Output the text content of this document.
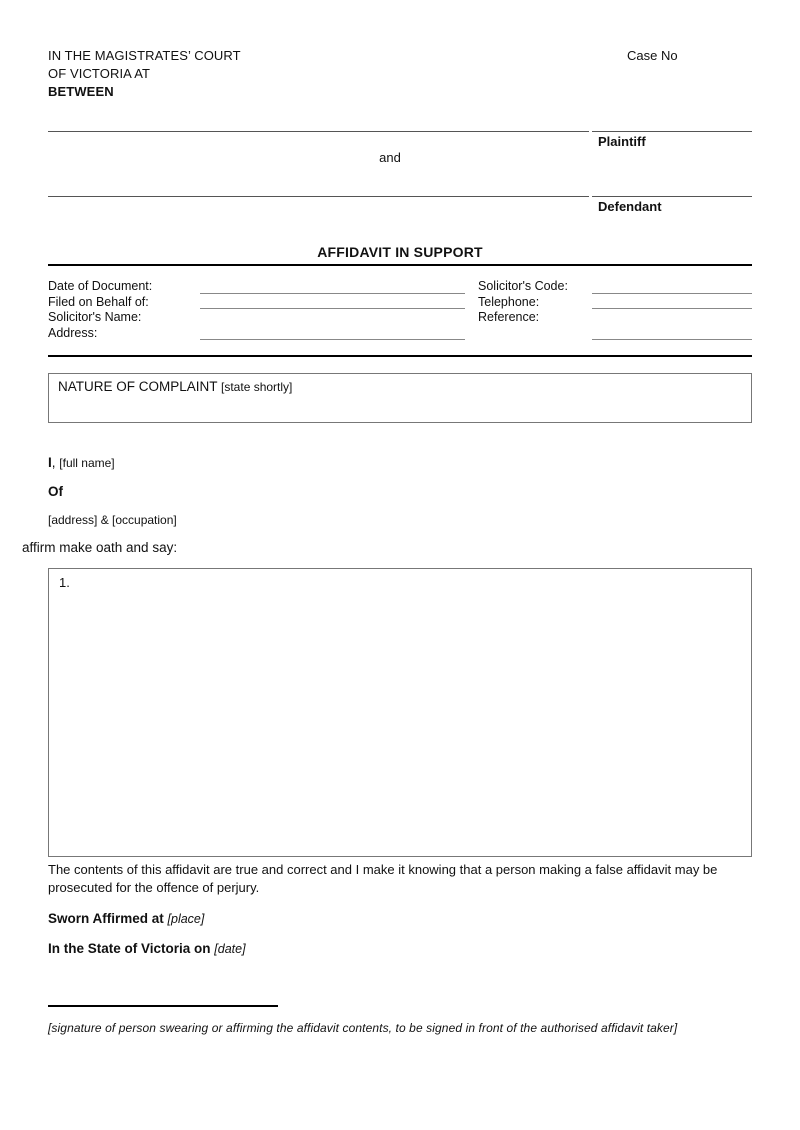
IN THE MAGISTRATES’ COURT
OF VICTORIA AT
BETWEEN
Case No
Plaintiff
and
Defendant
AFFIDAVIT IN SUPPORT
Date of Document:
Filed on Behalf of:
Solicitor's Name:
Address:
Solicitor's Code:
Telephone:
Reference:
NATURE OF COMPLAINT [state shortly]
I, [full name]
Of
[address] & [occupation]
affirm make oath and say:
1.
The contents of this affidavit are true and correct and I make it knowing that a person making a false affidavit may be prosecuted for the offence of perjury.
Sworn Affirmed at [place]
In the State of Victoria on [date]
[signature of person swearing or affirming the affidavit contents, to be signed in front of the authorised affidavit taker]
